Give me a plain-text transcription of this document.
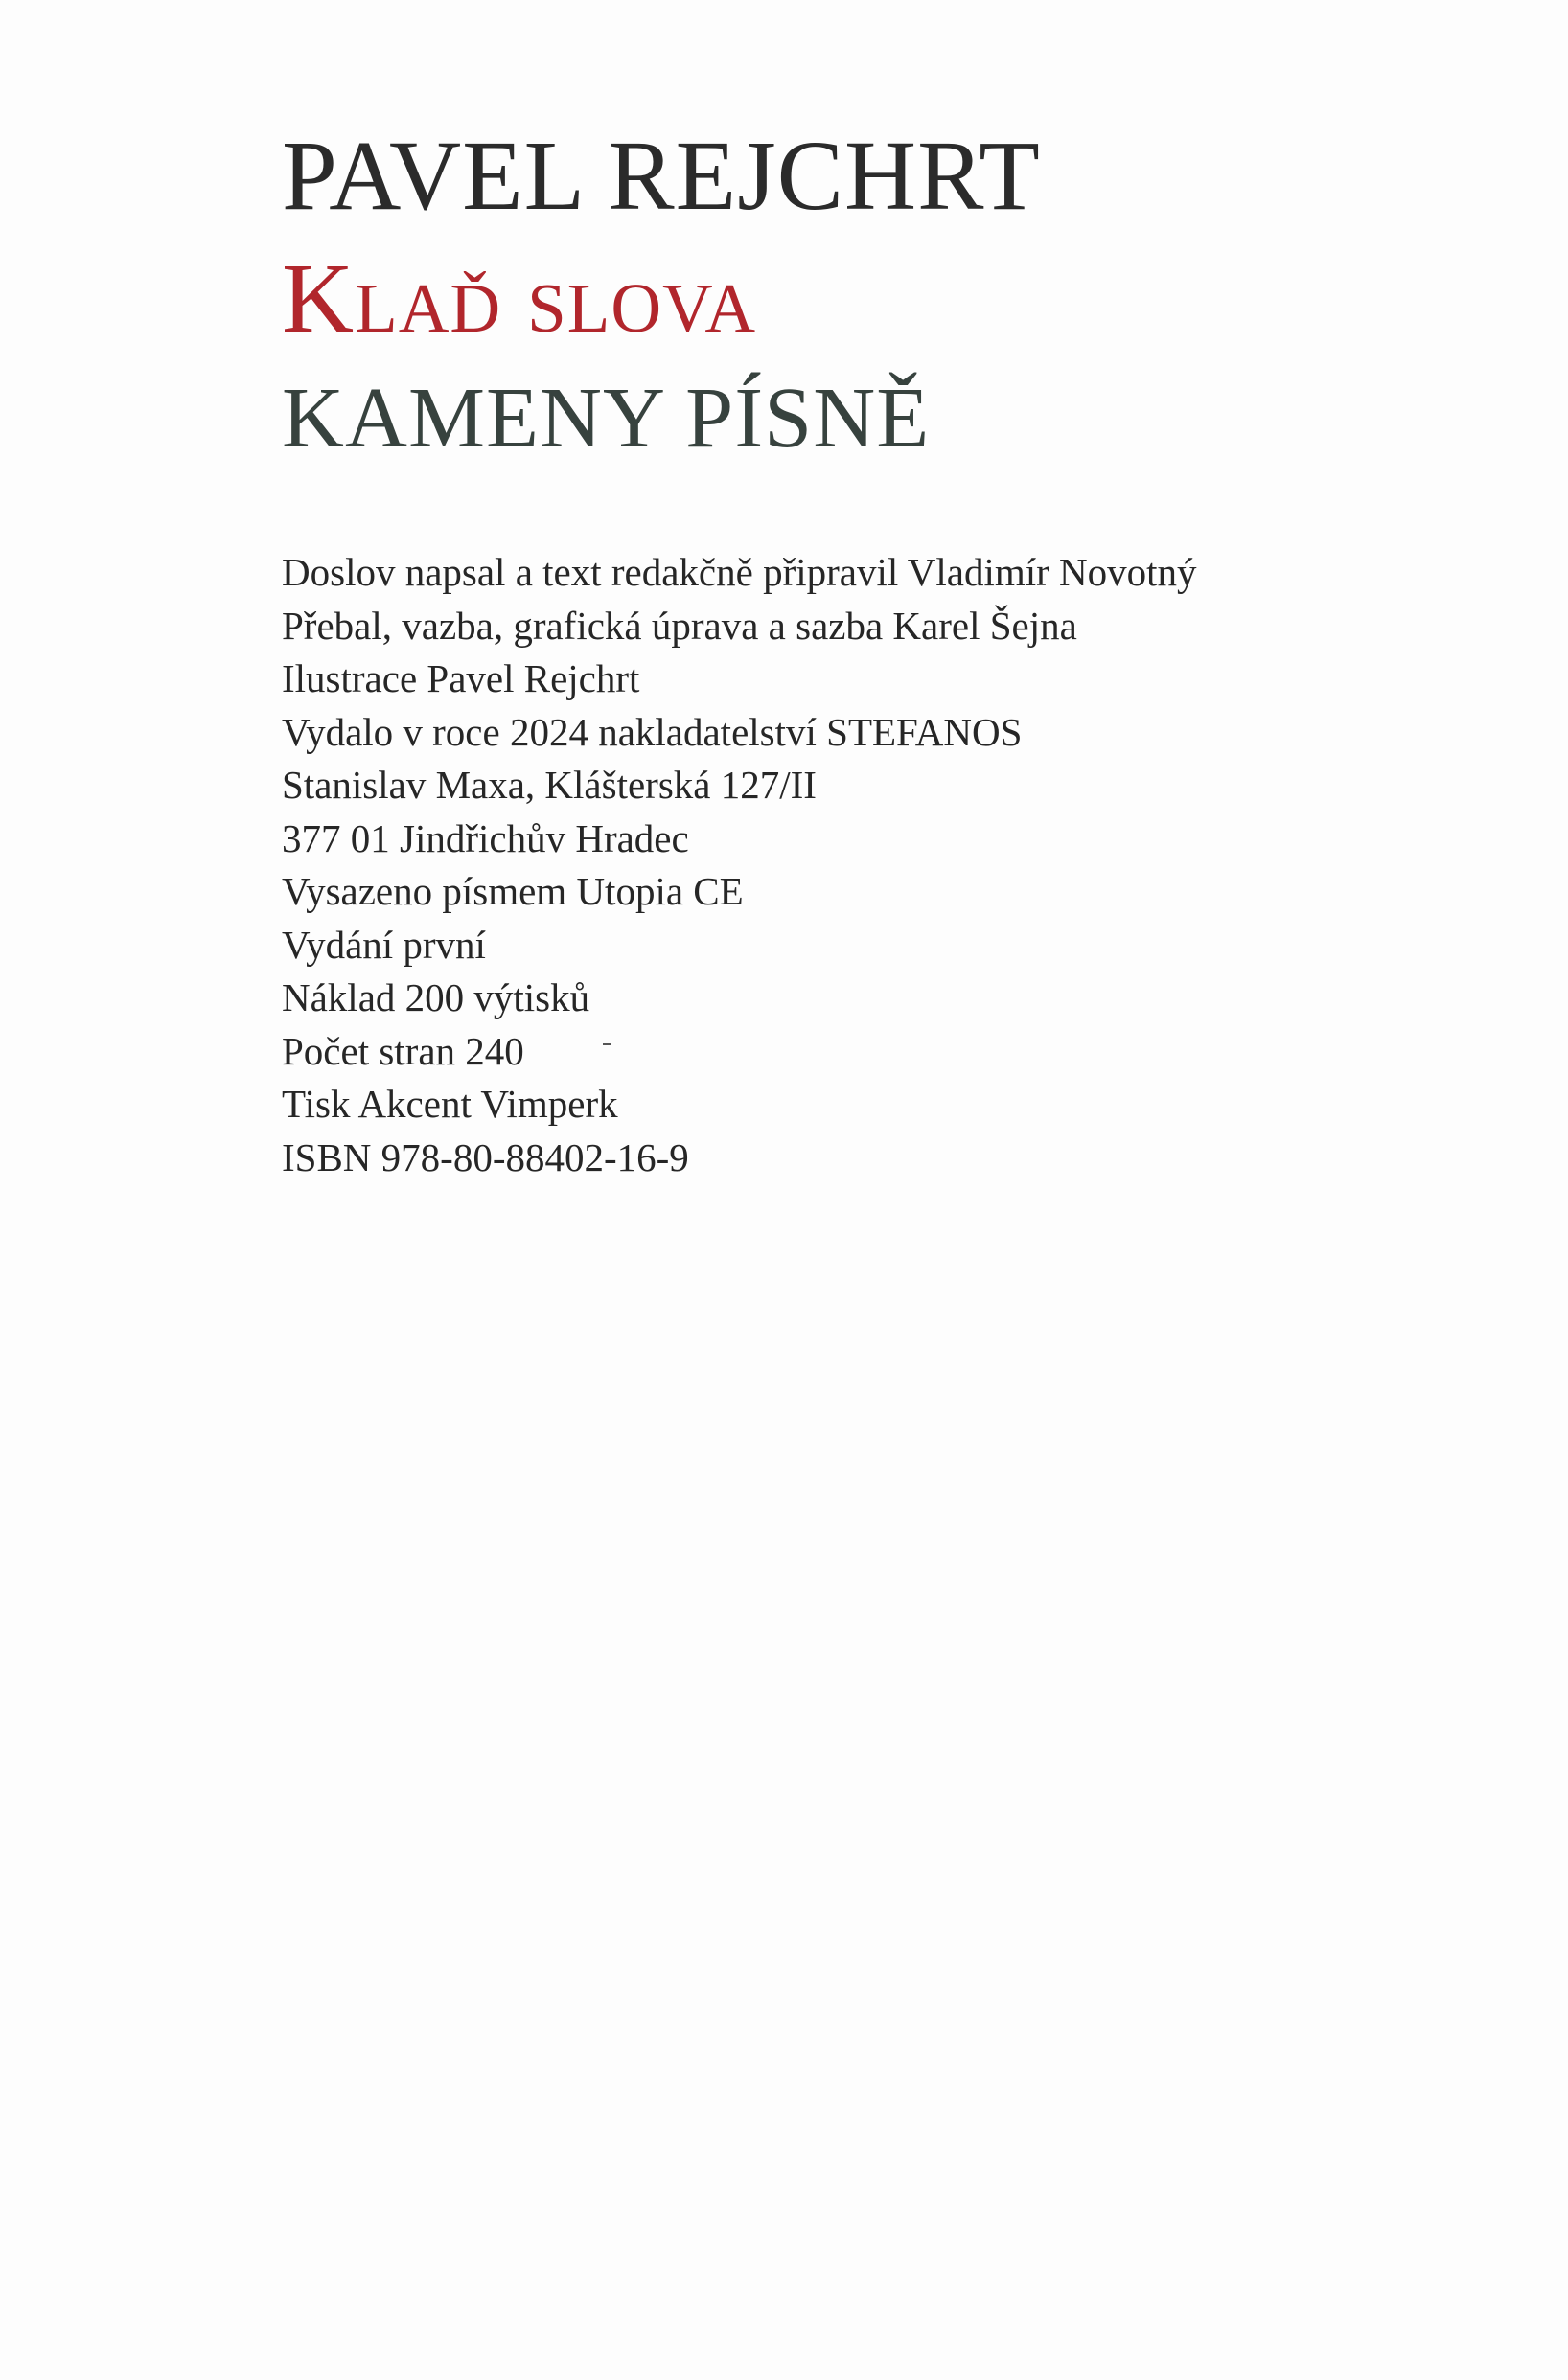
PAVEL REJCHRT
Klaď slova
KAMENY PÍSNĚ
Doslov napsal a text redakčně připravil Vladimír Novotný
Přebal, vazba, grafická úprava a sazba Karel Šejna
Ilustrace Pavel Rejchrt
Vydalo v roce 2024 nakladatelství STEFANOS
Stanislav Maxa, Klášterská 127/II
377 01 Jindřichův Hradec
Vysazeno písmem Utopia CE
Vydání první
Náklad 200 výtisků
Počet stran 240
Tisk Akcent Vimperk
ISBN 978-80-88402-16-9
